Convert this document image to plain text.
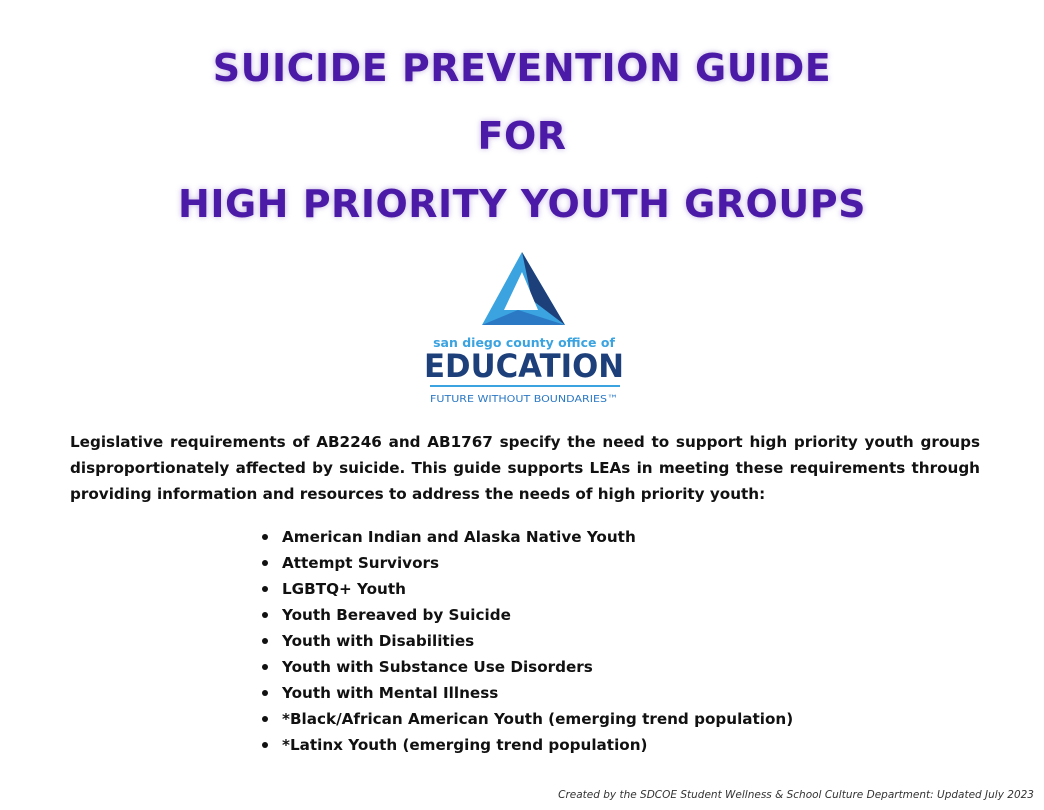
SUICIDE PREVENTION GUIDE
FOR
HIGH PRIORITY YOUTH GROUPS
san diego county office of
EDUCATION
FUTURE WITHOUT BOUNDARIES™

Legislative requirements of AB2246 and AB1767 specify the need to support high priority youth groups disproportionately affected by suicide. This guide supports LEAs in meeting these requirements through providing information and resources to address the needs of high priority youth:

American Indian and Alaska Native Youth
Attempt Survivors
LGBTQ+ Youth
Youth Bereaved by Suicide
Youth with Disabilities
Youth with Substance Use Disorders
Youth with Mental Illness
*Black/African American Youth (emerging trend population)
*Latinx Youth (emerging trend population)
Created by the SDCOE Student Wellness & School Culture Department: Updated July 2023
